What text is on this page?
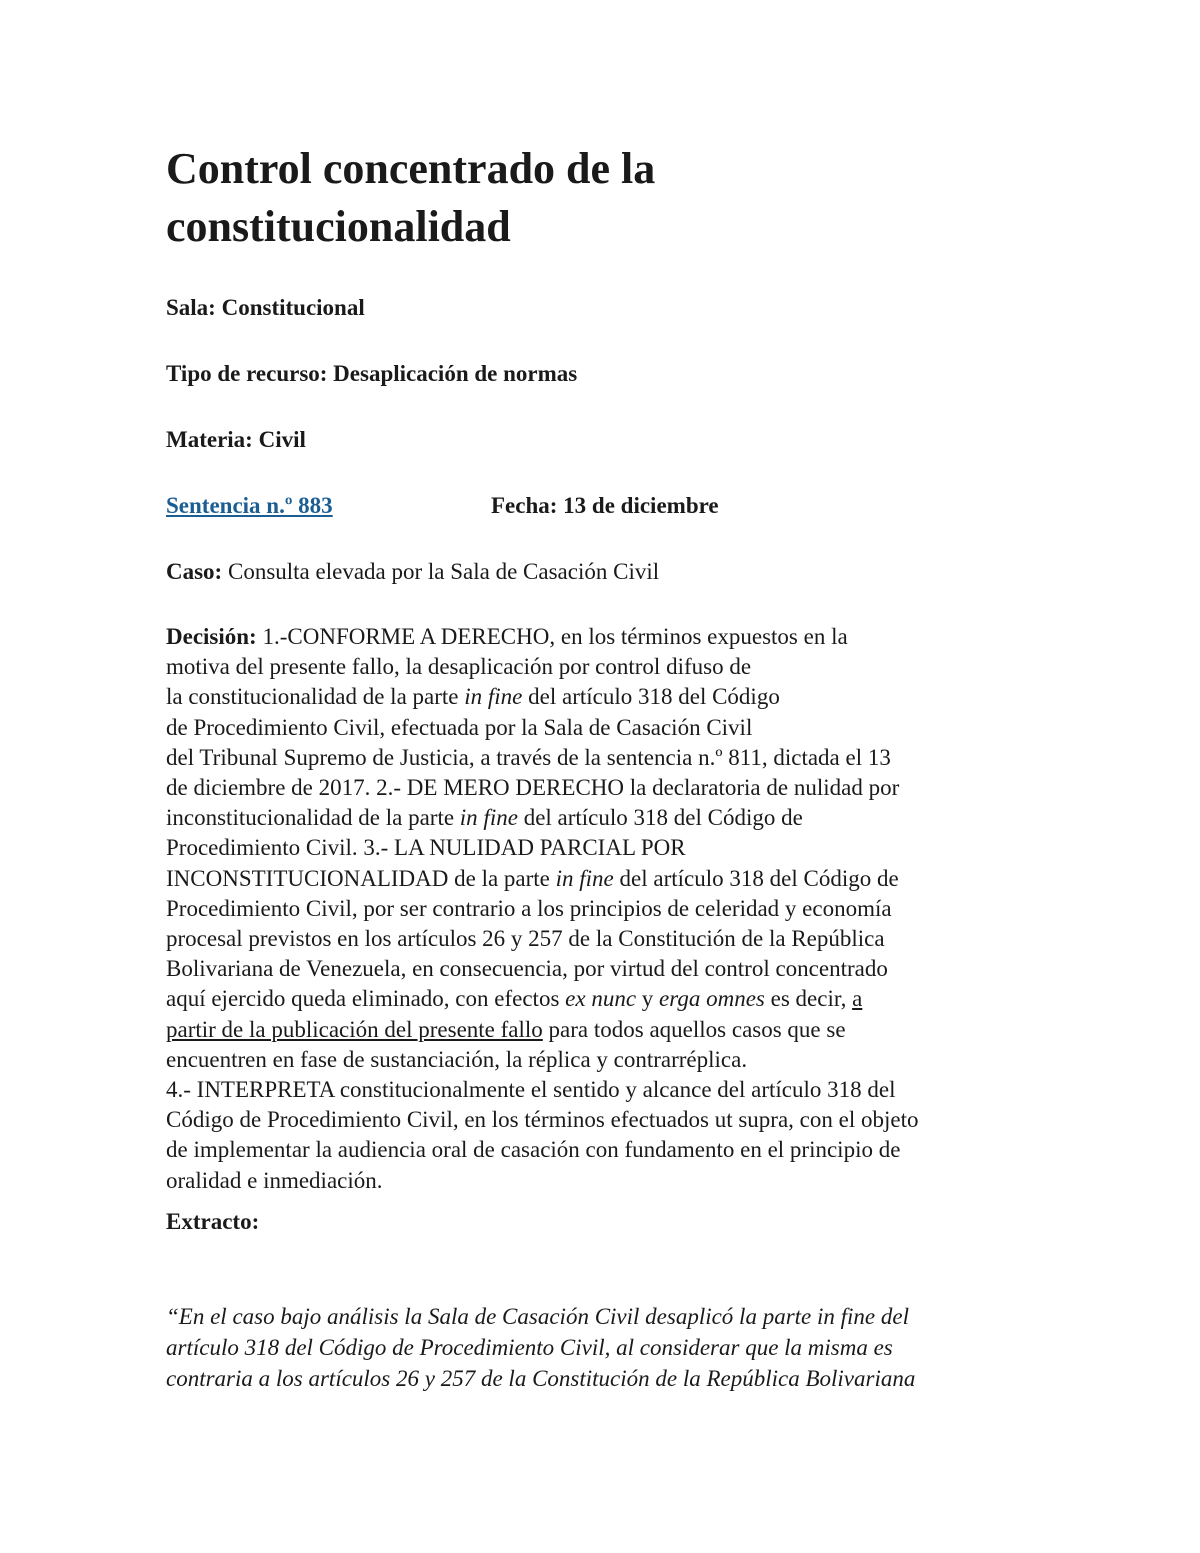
Control concentrado de la
constitucionalidad

Sala: Constitucional

Tipo de recurso: Desaplicación de normas

Materia: Civil

Sentencia n.º 883	Fecha: 13 de diciembre

Caso: Consulta elevada por la Sala de Casación Civil

Decisión: 1.-CONFORME A DERECHO, en los términos expuestos en la
motiva del presente fallo, la desaplicación por control difuso de
la constitucionalidad de la parte in fine del artículo 318 del Código
de Procedimiento Civil, efectuada por la Sala de Casación Civil
del Tribunal Supremo de Justicia, a través de la sentencia n.º 811, dictada el 13
de diciembre de 2017. 2.- DE MERO DERECHO la declaratoria de nulidad por
inconstitucionalidad de la parte in fine del artículo 318 del Código de
Procedimiento Civil. 3.- LA NULIDAD PARCIAL POR
INCONSTITUCIONALIDAD de la parte in fine del artículo 318 del Código de
Procedimiento Civil, por ser contrario a los principios de celeridad y economía
procesal previstos en los artículos 26 y 257 de la Constitución de la República
Bolivariana de Venezuela, en consecuencia, por virtud del control concentrado
aquí ejercido queda eliminado, con efectos ex nunc y erga omnes es decir, a
partir de la publicación del presente fallo para todos aquellos casos que se
encuentren en fase de sustanciación, la réplica y contrarréplica.
4.- INTERPRETA constitucionalmente el sentido y alcance del artículo 318 del
Código de Procedimiento Civil, en los términos efectuados ut supra, con el objeto
de implementar la audiencia oral de casación con fundamento en el principio de
oralidad e inmediación.

Extracto:

“En el caso bajo análisis la Sala de Casación Civil desaplicó la parte in fine del
artículo 318 del Código de Procedimiento Civil, al considerar que la misma es
contraria a los artículos 26 y 257 de la Constitución de la República Bolivariana
